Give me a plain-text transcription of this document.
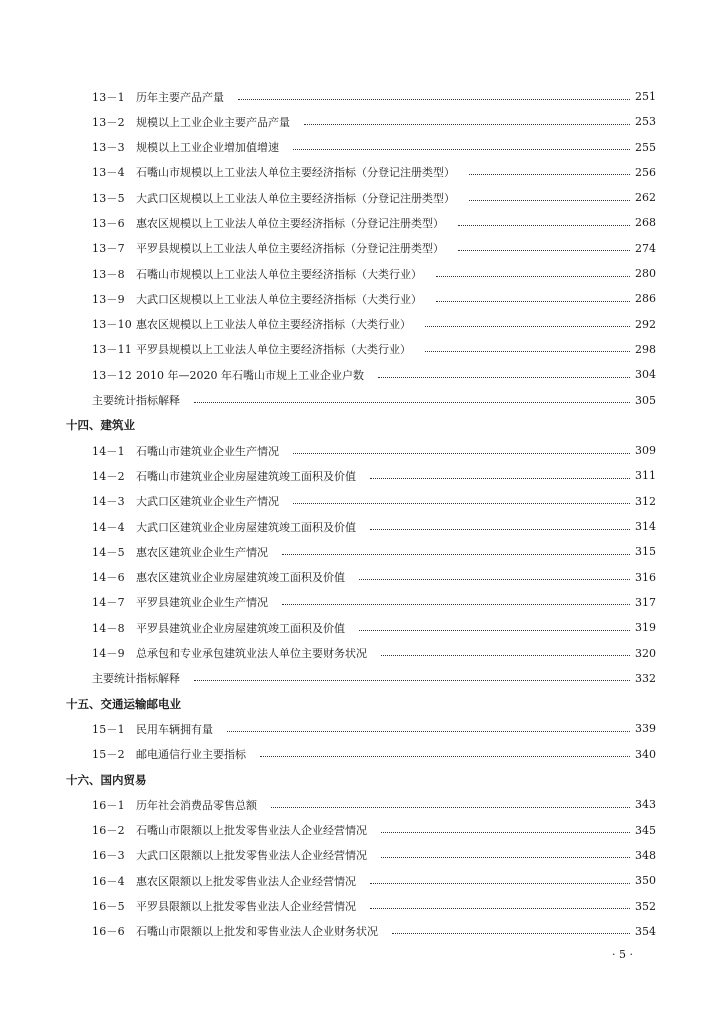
13－1	历年主要产品产量	251
13－2	规模以上工业企业主要产品产量	253
13－3	规模以上工业企业增加值增速	255
13－4	石嘴山市规模以上工业法人单位主要经济指标（分登记注册类型）	256
13－5	大武口区规模以上工业法人单位主要经济指标（分登记注册类型）	262
13－6	惠农区规模以上工业法人单位主要经济指标（分登记注册类型）	268
13－7	平罗县规模以上工业法人单位主要经济指标（分登记注册类型）	274
13－8	石嘴山市规模以上工业法人单位主要经济指标（大类行业）	280
13－9	大武口区规模以上工业法人单位主要经济指标（大类行业）	286
13－10 惠农区规模以上工业法人单位主要经济指标（大类行业）	292
13－11 平罗县规模以上工业法人单位主要经济指标（大类行业）	298
13－12 2010 年—2020 年石嘴山市规上工业企业户数	304
主要统计指标解释	305
十四、建筑业
14－1	石嘴山市建筑业企业生产情况	309
14－2	石嘴山市建筑业企业房屋建筑竣工面积及价值	311
14－3	大武口区建筑业企业生产情况	312
14－4	大武口区建筑业企业房屋建筑竣工面积及价值	314
14－5	惠农区建筑业企业生产情况	315
14－6	惠农区建筑业企业房屋建筑竣工面积及价值	316
14－7	平罗县建筑业企业生产情况	317
14－8	平罗县建筑业企业房屋建筑竣工面积及价值	319
14－9	总承包和专业承包建筑业法人单位主要财务状况	320
主要统计指标解释	332
十五、交通运输邮电业
15－1	民用车辆拥有量	339
15－2	邮电通信行业主要指标	340
十六、国内贸易
16－1	历年社会消费品零售总额	343
16－2	石嘴山市限额以上批发零售业法人企业经营情况	345
16－3	大武口区限额以上批发零售业法人企业经营情况	348
16－4	惠农区限额以上批发零售业法人企业经营情况	350
16－5	平罗县限额以上批发零售业法人企业经营情况	352
16－6	石嘴山市限额以上批发和零售业法人企业财务状况	354
· 5 ·
